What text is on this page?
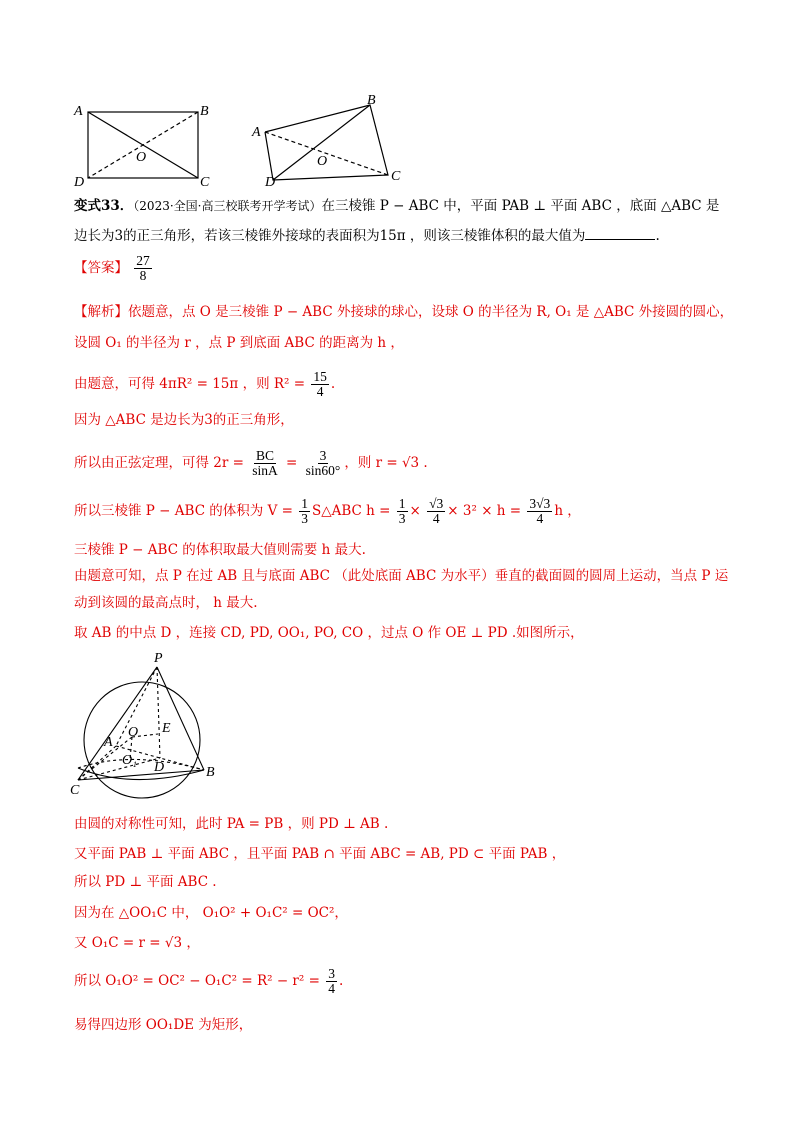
A	B
C
D
O
A
B
C
D
O
变式33．（2023·全国·高三校联考开学考试）在三棱锥 P − ABC 中，平面 PAB ⊥ 平面 ABC ，底面 △ABC 是
边长为3的正三角形，若该三棱锥外接球的表面积为15π ，则该三棱锥体积的最大值为	.
【答案】 $\frac{27}{8}$
【解析】依题意，点 O 是三棱锥 P − ABC 外接球的球心，设球 O 的半径为 R, O₁ 是 △ABC 外接圆的圆心，
设圆 O₁ 的半径为 r ，点 P 到底面 ABC 的距离为 h ，
由题意，可得 4πR² = 15π ，则 $R^2 = \frac{15}{4}$ .
因为 △ABC 是边长为3的正三角形，
所以由正弦定理，可得 $2r = \frac{BC}{\sin A} = \frac{3}{\sin 60^\circ}$ ，则 r = √3 .
所以三棱锥 P − ABC 的体积为 $V = \frac{1}{3}$ S△ABC $h = \frac{1}{3} \times \frac{√3}{4} \times 3^2 \times h = \frac{3√3}{4}$ h ，
三棱锥 P − ABC 的体积取最大值则需要 h 最大.
由题意可知，点 P 在过 AB 且与底面 ABC （此处底面 ABC 为水平）垂直的截面圆的圆周上运动，当点 P 运
动到该圆的最高点时， h 最大.
取 AB 的中点 D ，连接 CD, PD, OO₁, PO, CO ，过点 O 作 OE ⊥ PD .如图所示，
P
E
A
O
O₁ D	B
C
由圆的对称性可知，此时 PA = PB ，则 PD ⊥ AB .
又平面 PAB ⊥ 平面 ABC ，且平面 PAB ∩ 平面 ABC = AB, PD ⊂ 平面 PAB ，
所以 PD ⊥ 平面 ABC .
因为在 △OO₁C 中， O₁O² + O₁C² = OC²，
又 O₁C = r = √3 ，
所以 $O_1O^2 = OC^2 - O_1C^2 = R^2 - r^2 = \frac{3}{4}$ .
易得四边形 OO₁DE 为矩形，
